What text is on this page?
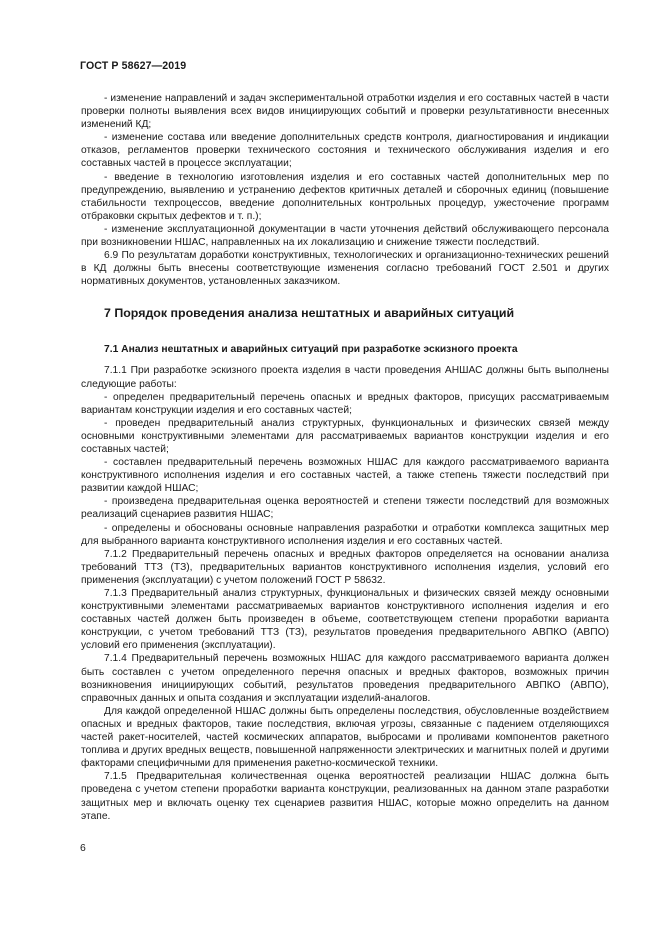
ГОСТ Р 58627—2019

- изменение направлений и задач экспериментальной отработки изделия и его составных частей в части проверки полноты выявления всех видов инициирующих событий и проверки результативности внесенных изменений КД;

- изменение состава или введение дополнительных средств контроля, диагностирования и индикации отказов, регламентов проверки технического состояния и технического обслуживания изделия и его составных частей в процессе эксплуатации;

- введение в технологию изготовления изделия и его составных частей дополнительных мер по предупреждению, выявлению и устранению дефектов критичных деталей и сборочных единиц (повышение стабильности техпроцессов, введение дополнительных контрольных процедур, ужесточение программ отбраковки скрытых дефектов и т. п.);

- изменение эксплуатационной документации в части уточнения действий обслуживающего персонала при возникновении НШАС, направленных на их локализацию и снижение тяжести последствий.

6.9 По результатам доработки конструктивных, технологических и организационно-технических решений в КД должны быть внесены соответствующие изменения согласно требований ГОСТ 2.501 и других нормативных документов, установленных заказчиком.

7 Порядок проведения анализа нештатных и аварийных ситуаций

7.1 Анализ нештатных и аварийных ситуаций при разработке эскизного проекта

7.1.1 При разработке эскизного проекта изделия в части проведения АНШАС должны быть выполнены следующие работы:

- определен предварительный перечень опасных и вредных факторов, присущих рассматриваемым вариантам конструкции изделия и его составных частей;

- проведен предварительный анализ структурных, функциональных и физических связей между основными конструктивными элементами для рассматриваемых вариантов конструкции изделия и его составных частей;

- составлен предварительный перечень возможных НШАС для каждого рассматриваемого варианта конструктивного исполнения изделия и его составных частей, а также степень тяжести последствий при развитии каждой НШАС;

- произведена предварительная оценка вероятностей и степени тяжести последствий для возможных реализаций сценариев развития НШАС;

- определены и обоснованы основные направления разработки и отработки комплекса защитных мер для выбранного варианта конструктивного исполнения изделия и его составных частей.

7.1.2 Предварительный перечень опасных и вредных факторов определяется на основании анализа требований ТТЗ (ТЗ), предварительных вариантов конструктивного исполнения изделия, условий его применения (эксплуатации) с учетом положений ГОСТ Р 58632.

7.1.3 Предварительный анализ структурных, функциональных и физических связей между основными конструктивными элементами рассматриваемых вариантов конструктивного исполнения изделия и его составных частей должен быть произведен в объеме, соответствующем степени проработки варианта конструкции, с учетом требований ТТЗ (ТЗ), результатов проведения предварительного АВПКО (АВПО) условий его применения (эксплуатации).

7.1.4 Предварительный перечень возможных НШАС для каждого рассматриваемого варианта должен быть составлен с учетом определенного перечня опасных и вредных факторов, возможных причин возникновения инициирующих событий, результатов проведения предварительного АВПКО (АВПО), справочных данных и опыта создания и эксплуатации изделий-аналогов.

Для каждой определенной НШАС должны быть определены последствия, обусловленные воздействием опасных и вредных факторов, такие последствия, включая угрозы, связанные с падением отделяющихся частей ракет-носителей, частей космических аппаратов, выбросами и проливами компонентов ракетного топлива и других вредных веществ, повышенной напряженности электрических и магнитных полей и другими факторами специфичными для применения ракетно-космической техники.

7.1.5 Предварительная количественная оценка вероятностей реализации НШАС должна быть проведена с учетом степени проработки варианта конструкции, реализованных на данном этапе разработки защитных мер и включать оценку тех сценариев развития НШАС, которые можно определить на данном этапе.

6
